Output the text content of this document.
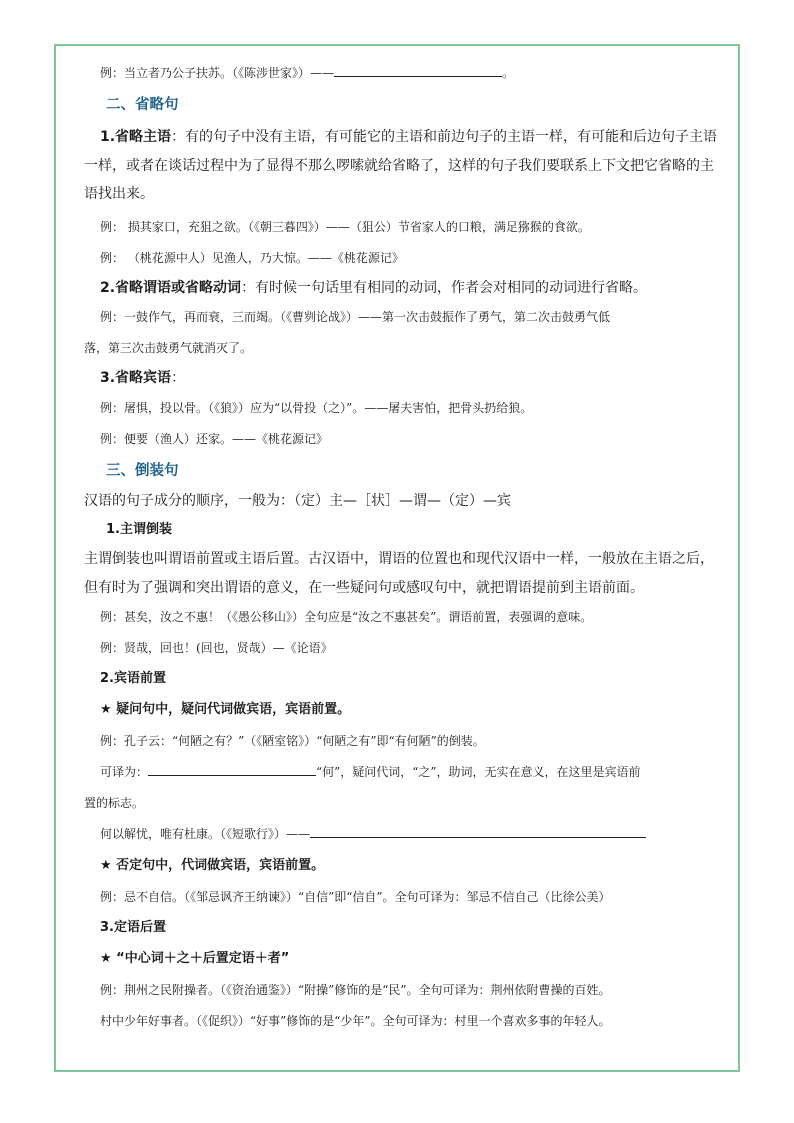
例：当立者乃公子扶苏。（《陈涉世家》）——	。

二、省略句

1.省略主语：有的句子中没有主语，有可能它的主语和前边句子的主语一样，有可能和后边句子主语一样，或者在谈话过程中为了显得不那么啰嗦就给省略了，这样的句子我们要联系上下文把它省略的主语找出来。

例： 损其家口，充狙之欲。（《朝三暮四》）——（狙公）节省家人的口粮，满足猕猴的食欲。

例： （桃花源中人）见渔人，乃大惊。——《桃花源记》

2.省略谓语或省略动词：有时候一句话里有相同的动词，作者会对相同的动词进行省略。

例：一鼓作气，再而衰，三而竭。（《曹刿论战》）——第一次击鼓振作了勇气，第二次击鼓勇气低

落，第三次击鼓勇气就消灭了。

3.省略宾语：

例：屠惧，投以骨。（《狼》）应为“以骨投（之）”。——屠夫害怕，把骨头扔给狼。

例：便要（渔人）还家。——《桃花源记》

三、倒装句

汉语的句子成分的顺序，一般为：（定）主—［状］—谓—（定）—宾

1.主谓倒装

主谓倒装也叫谓语前置或主语后置。古汉语中，谓语的位置也和现代汉语中一样，一般放在主语之后，但有时为了强调和突出谓语的意义，在一些疑问句或感叹句中，就把谓语提前到主语前面。

例：甚矣，汝之不惠！（《愚公移山》）全句应是“汝之不惠甚矣”。谓语前置，表强调的意味。

例：贤哉，回也！(回也，贤哉）—《论语》

2.宾语前置

★ 疑问句中，疑问代词做宾语，宾语前置。

例：孔子云：“何陋之有？”（《陋室铭》）“何陋之有”即“有何陋”的倒装。

可译为：	“何”，疑问代词，“之”，助词，无实在意义，在这里是宾语前

置的标志。

何以解忧，唯有杜康。（《短歌行》）——

★ 否定句中，代词做宾语，宾语前置。

例：忌不自信。（《邹忌讽齐王纳谏》）“自信”即“信自”。全句可译为：邹忌不信自己（比徐公美）

3.定语后置

★ “中心词＋之＋后置定语＋者”

例：荆州之民附操者。（《资治通鉴》）“附操”修饰的是“民”。全句可译为：荆州依附曹操的百姓。

村中少年好事者。（《促织》）“好事”修饰的是“少年”。全句可译为：村里一个喜欢多事的年轻人。
